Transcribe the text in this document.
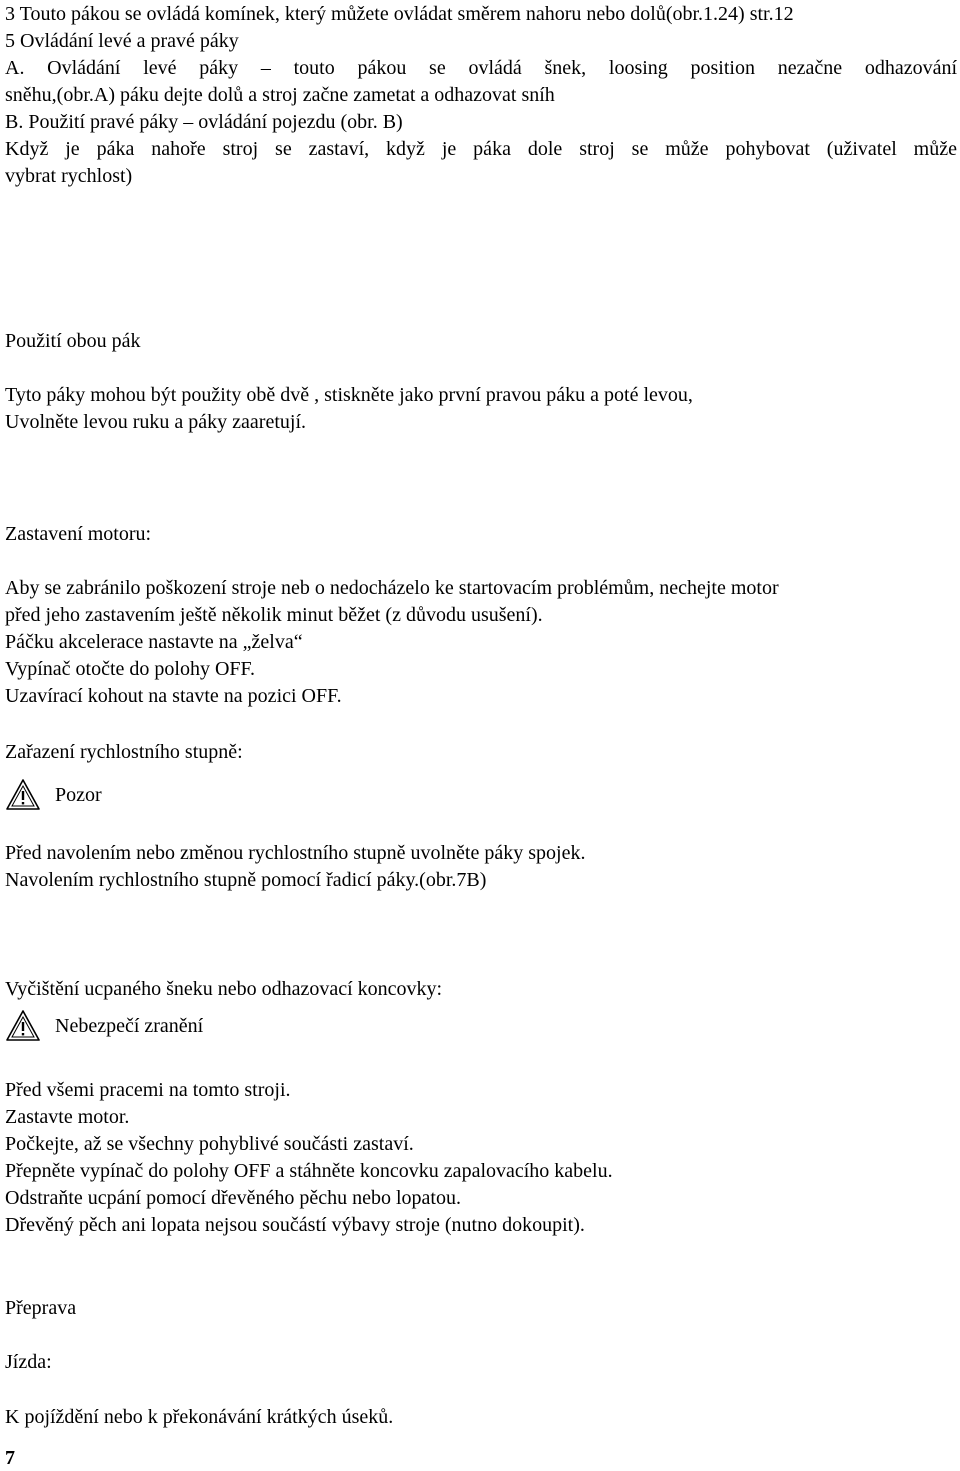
3 Touto pákou se ovládá komínek, který můžete ovládat směrem nahoru nebo dolů(obr.1.24) str.12
5 Ovládání levé a pravé páky
A. Ovládání levé páky – touto pákou se ovládá šnek, loosing position nezačne odhazování
sněhu,(obr.A) páku dejte dolů a stroj začne zametat a odhazovat sníh
B. Použití pravé páky – ovládání pojezdu (obr. B)
Když je páka nahoře stroj se zastaví, když je páka dole stroj se může pohybovat (uživatel může
vybrat rychlost)
Použití obou pák
Tyto páky mohou být použity obě dvě , stiskněte jako první pravou páku a poté levou,
Uvolněte levou ruku a páky zaaretují.
Zastavení motoru:
Aby se zabránilo poškození stroje neb o nedocházelo ke startovacím problémům, nechejte motor
před jeho zastavením ještě několik minut běžet (z důvodu usušení).
Páčku akcelerace nastavte na „želva“
Vypínač otočte do polohy OFF.
Uzavírací kohout na stavte na pozici OFF.
Zařazení rychlostního stupně:
Pozor
Před navolením nebo změnou rychlostního stupně uvolněte páky spojek.
Navolením rychlostního stupně pomocí řadicí páky.(obr.7B)
Vyčištění ucpaného šneku nebo odhazovací koncovky:
Nebezpečí zranění
Před všemi pracemi na tomto stroji.
Zastavte motor.
Počkejte, až se všechny pohyblivé součásti zastaví.
Přepněte vypínač do polohy OFF a stáhněte koncovku zapalovacího kabelu.
Odstraňte ucpání pomocí dřevěného pěchu nebo lopatou.
Dřevěný pěch ani lopata nejsou součástí výbavy stroje (nutno dokoupit).
Přeprava
Jízda:
K pojíždění nebo k překonávání krátkých úseků.
7
